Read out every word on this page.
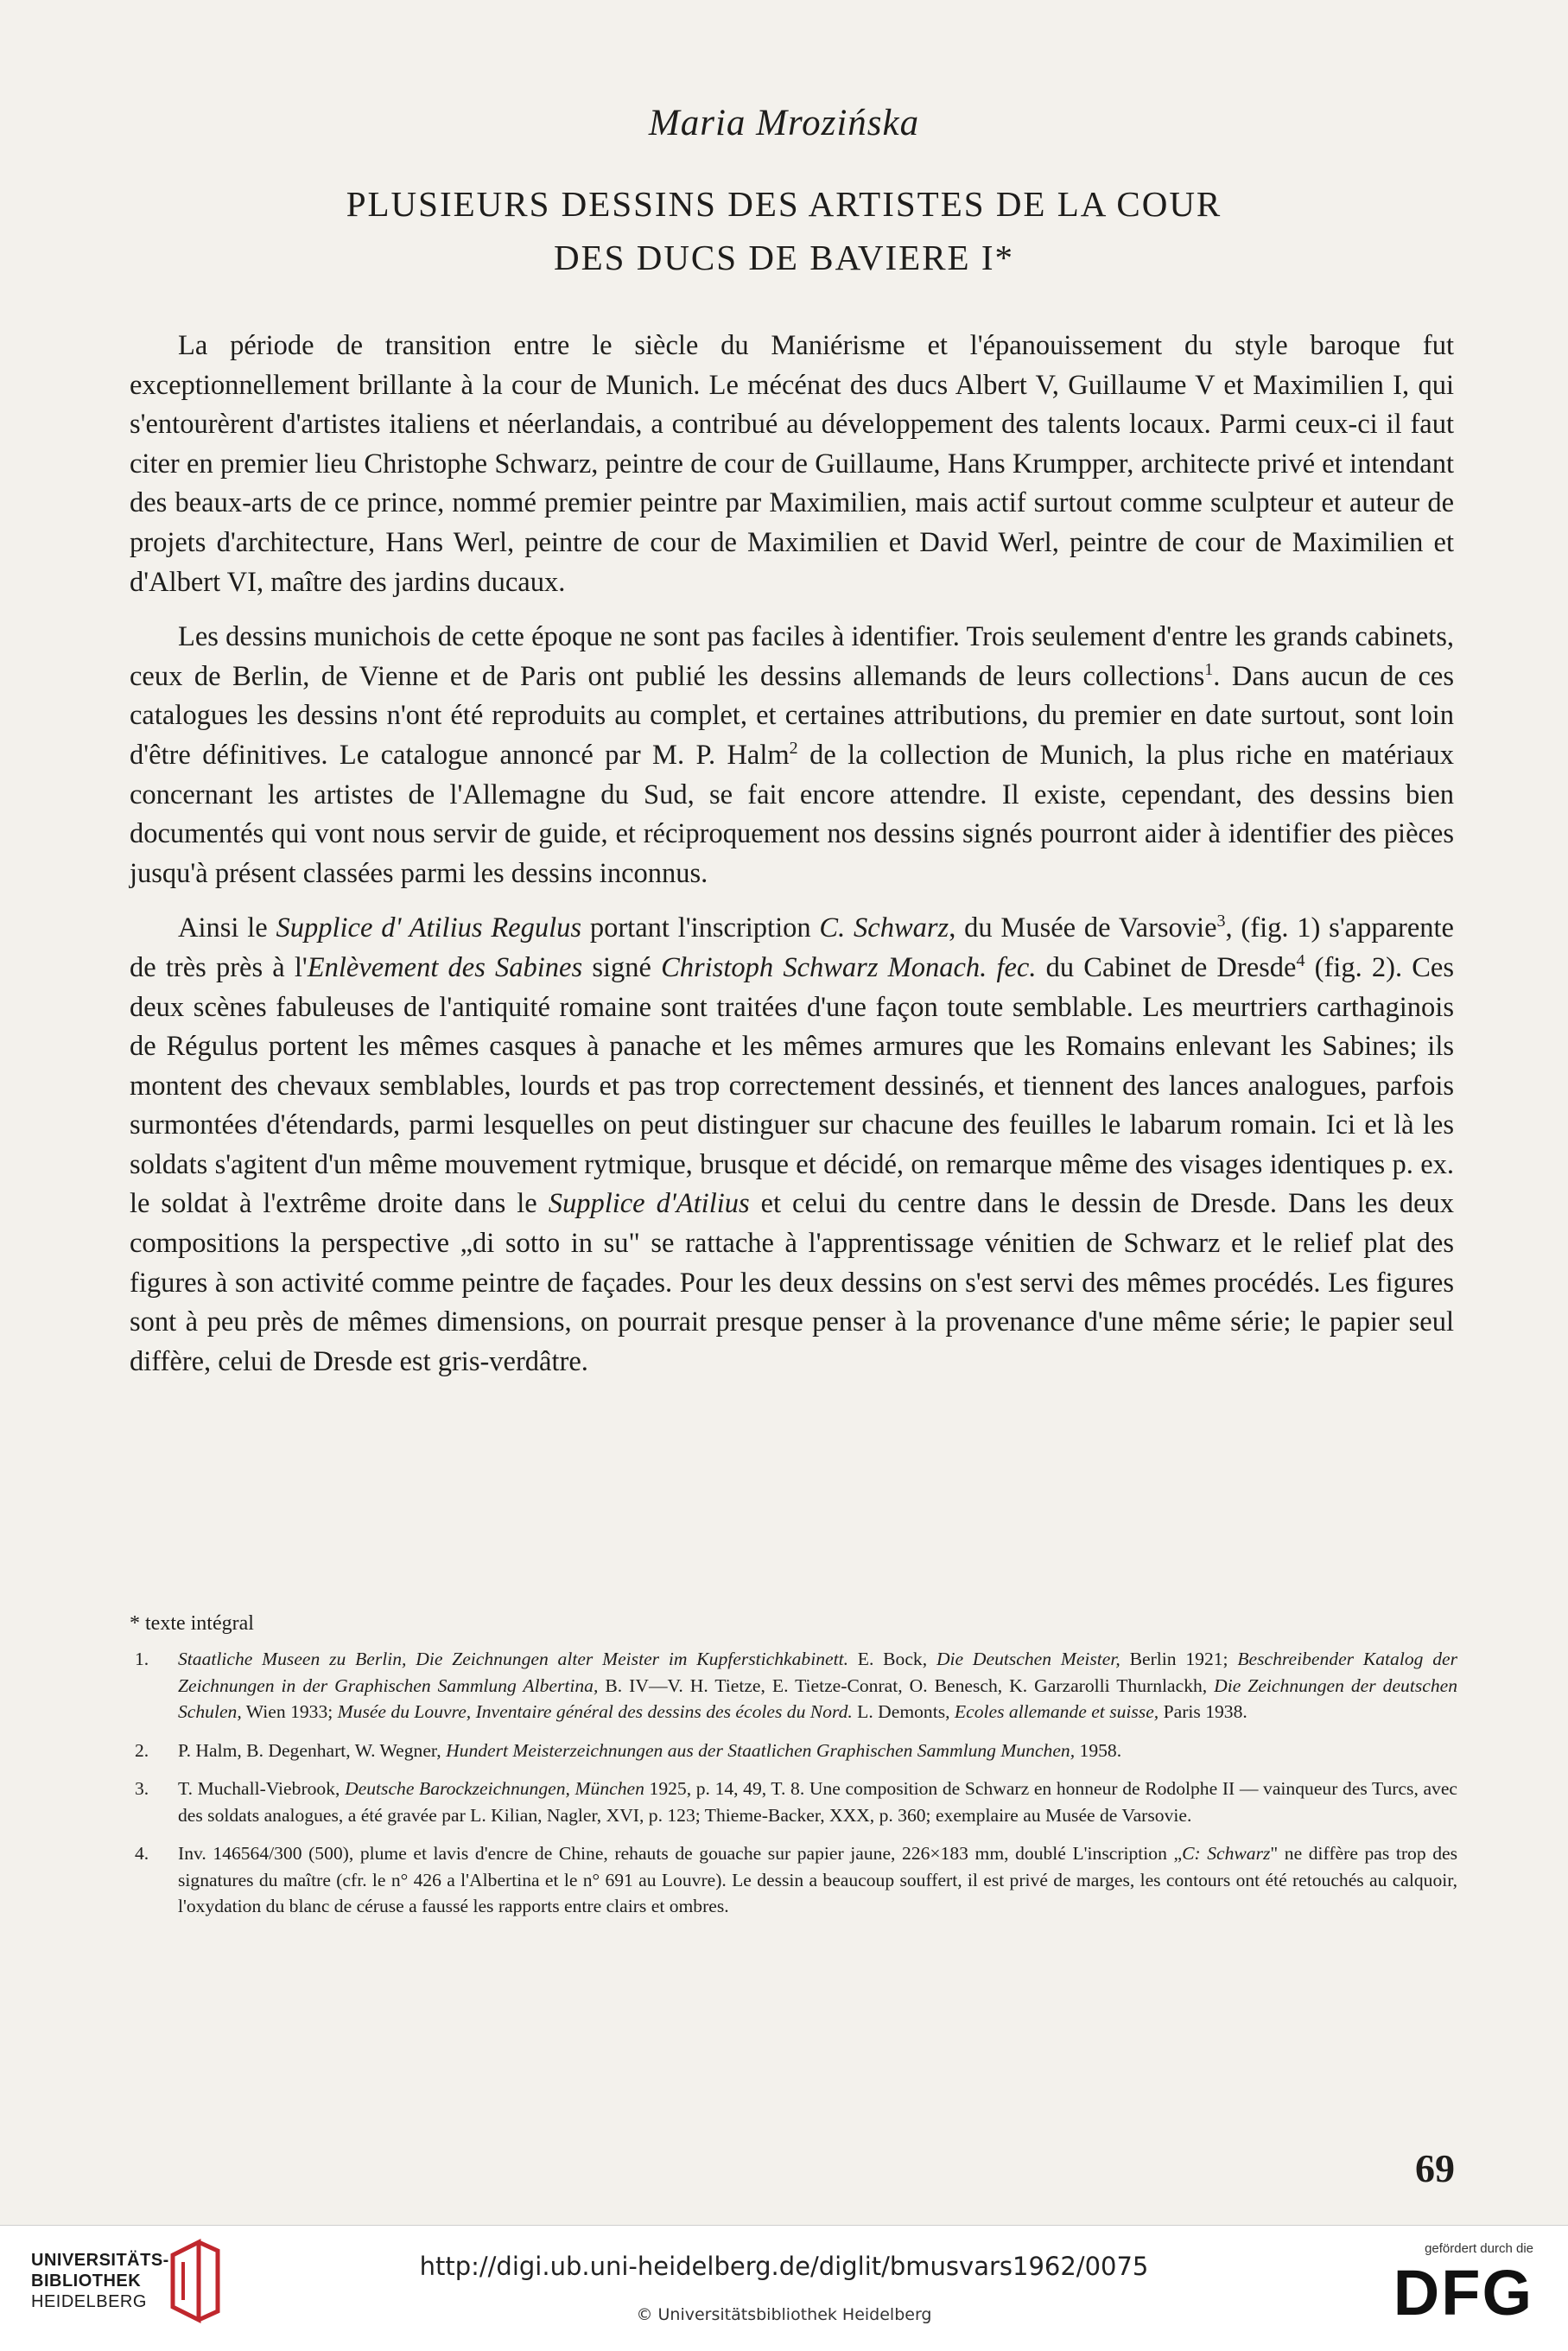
Maria Mrozińska
PLUSIEURS DESSINS DES ARTISTES DE LA COUR
DES DUCS DE BAVIERE I*

La période de transition entre le siècle du Maniérisme et l'épanouissement du style baroque fut exceptionnellement brillante à la cour de Munich. Le mécénat des ducs Albert V, Guillaume V et Maximilien I, qui s'entourèrent d'artistes italiens et néerlandais, a contribué au développement des talents locaux. Parmi ceux-ci il faut citer en premier lieu Christophe Schwarz, peintre de cour de Guillaume, Hans Krumpper, architecte privé et intendant des beaux-arts de ce prince, nommé premier peintre par Maximilien, mais actif surtout comme sculpteur et auteur de projets d'architecture, Hans Werl, peintre de cour de Maximilien et David Werl, peintre de cour de Maximilien et d'Albert VI, maître des jardins ducaux.

Les dessins munichois de cette époque ne sont pas faciles à identifier. Trois seulement d'entre les grands cabinets, ceux de Berlin, de Vienne et de Paris ont publié les dessins allemands de leurs collections$^1$. Dans aucun de ces catalogues les dessins n'ont été reproduits au complet, et certaines attributions, du premier en date surtout, sont loin d'être définitives. Le catalogue annoncé par M. P. Halm$^2$ de la collection de Munich, la plus riche en matériaux concernant les artistes de l'Allemagne du Sud, se fait encore attendre. Il existe, cependant, des dessins bien documentés qui vont nous servir de guide, et réciproquement nos dessins signés pourront aider à identifier des pièces jusqu'à présent classées parmi les dessins inconnus.

Ainsi le Supplice d' Atilius Regulus portant l'inscription C. Schwarz, du Musée de Varsovie$^3$, (fig. 1) s'apparente de très près à l'Enlèvement des Sabines signé Christoph Schwarz Monach. fec. du Cabinet de Dresde$^4$ (fig. 2). Ces deux scènes fabuleuses de l'antiquité romaine sont traitées d'une façon toute semblable. Les meurtriers carthaginois de Régulus portent les mêmes casques à panache et les mêmes armures que les Romains enlevant les Sabines; ils montent des chevaux semblables, lourds et pas trop correctement dessinés, et tiennent des lances analogues, parfois surmontées d'étendards, parmi lesquelles on peut distinguer sur chacune des feuilles le labarum romain. Ici et là les soldats s'agitent d'un même mouvement rytmique, brusque et décidé, on remarque même des visages identiques p. ex. le soldat à l'extrême droite dans le Supplice d'Atilius et celui du centre dans le dessin de Dresde. Dans les deux compositions la perspective „di sotto in su" se rattache à l'apprentissage vénitien de Schwarz et le relief plat des figures à son activité comme peintre de façades. Pour les deux dessins on s'est servi des mêmes procédés. Les figures sont à peu près de mêmes dimensions, on pourrait presque penser à la provenance d'une même série; le papier seul diffère, celui de Dresde est gris-verdâtre.

* texte intégral
1. Staatliche Museen zu Berlin, Die Zeichnungen alter Meister im Kupferstichkabinett. E. Bock, Die Deutschen Meister, Berlin 1921; Beschreibender Katalog der Zeichnungen in der Graphischen Sammlung Albertina, B. IV—V. H. Tietze, E. Tietze-Conrat, O. Benesch, K. Garzarolli Thurnlackh, Die Zeichnungen der deutschen Schulen, Wien 1933; Musée du Louvre, Inventaire général des dessins des écoles du Nord. L. Demonts, Ecoles allemande et suisse, Paris 1938.
2. P. Halm, B. Degenhart, W. Wegner, Hundert Meisterzeichnungen aus der Staatlichen Graphischen Sammlung Munchen, 1958.
3. T. Muchall-Viebrook, Deutsche Barockzeichnungen, München 1925, p. 14, 49, T. 8. Une composition de Schwarz en honneur de Rodolphe II — vainqueur des Turcs, avec des soldats analogues, a été gravée par L. Kilian, Nagler, XVI, p. 123; Thieme-Backer, XXX, p. 360; exemplaire au Musée de Varsovie.
4. Inv. 146564/300 (500), plume et lavis d'encre de Chine, rehauts de gouache sur papier jaune, 226×183 mm, doublé L'inscription „C: Schwarz" ne diffère pas trop des signatures du maître (cfr. le n° 426 a l'Albertina et le n° 691 au Louvre). Le dessin a beaucoup souffert, il est privé de marges, les contours ont été retouchés au calquoir, l'oxydation du blanc de céruse a faussé les rapports entre clairs et ombres.
69
UNIVERSITÄTS-
BIBLIOTHEK
HEIDELBERG
http://digi.ub.uni-heidelberg.de/diglit/bmusvars1962/0075
© Universitätsbibliothek Heidelberg
gefördert durch die
DFG
